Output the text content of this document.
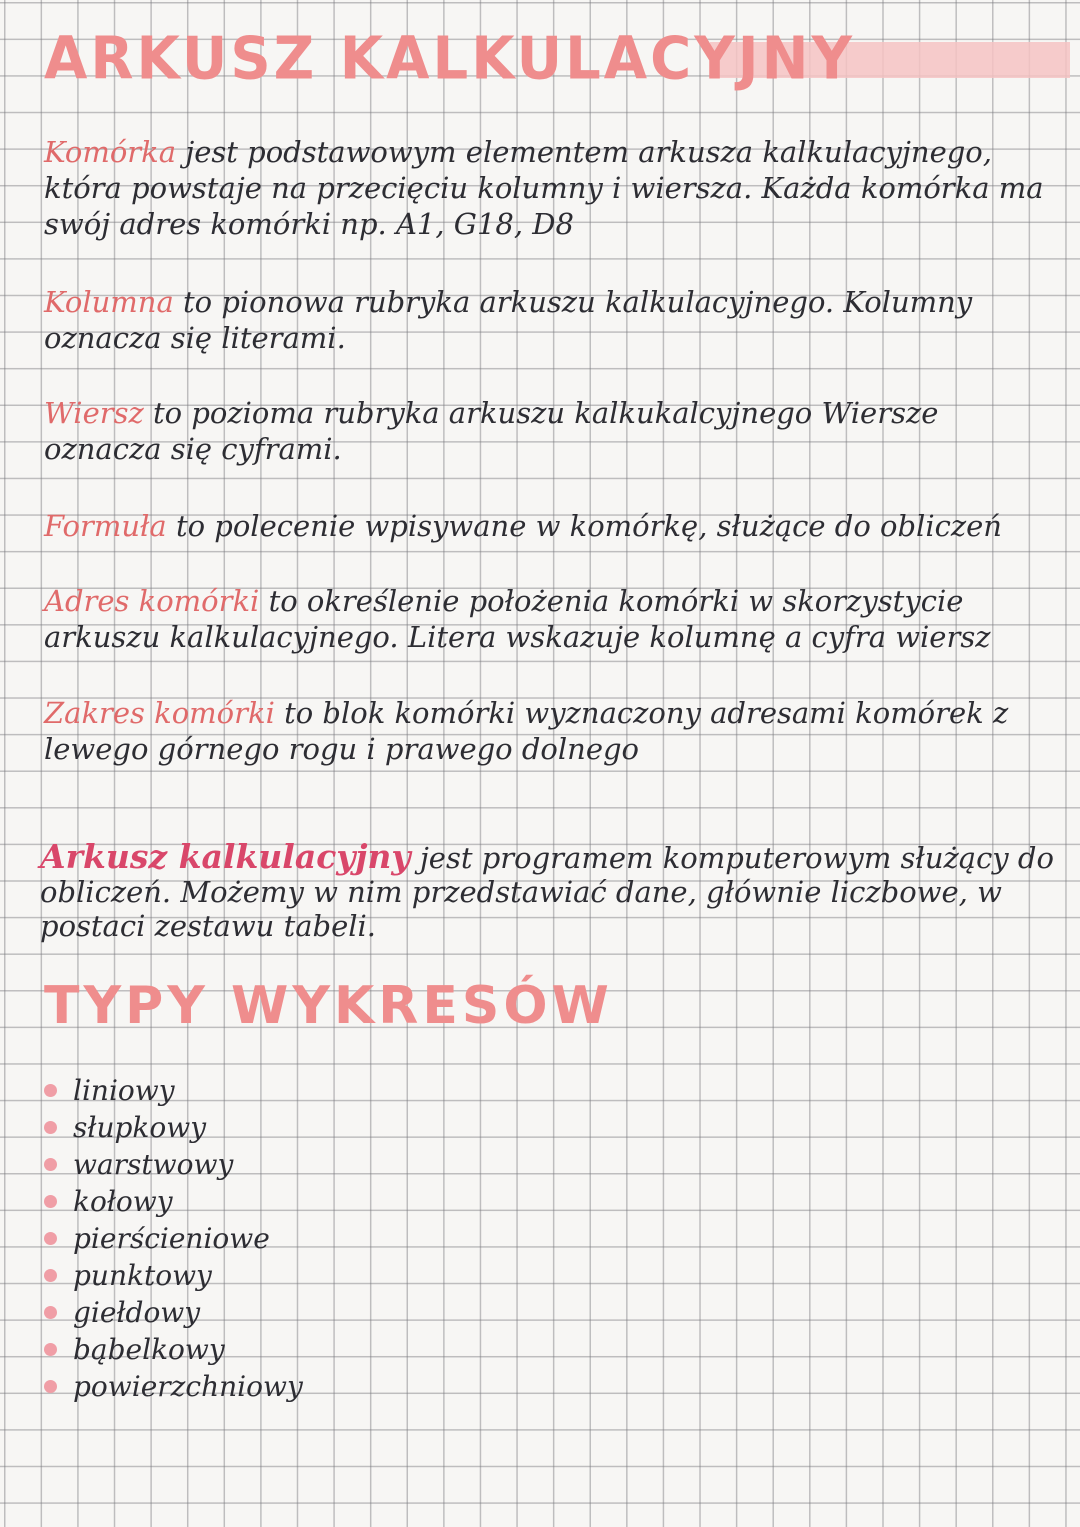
ARKUSZ KALKULACYJNY

Komórka jest podstawowym elementem arkusza kalkulacyjnego, która powstaje na przecięciu kolumny i wiersza. Każda komórka ma swój adres komórki np. A1, G18, D8

Kolumna to pionowa rubryka arkuszu kalkulacyjnego. Kolumny oznacza się literami.

Wiersz to pozioma rubryka arkuszu kalkukalcyjnego Wiersze oznacza się cyframi.

Formuła to polecenie wpisywane w komórkę, służące do obliczeń

Adres komórki to określenie położenia komórki w skorzystycie arkuszu kalkulacyjnego. Litera wskazuje kolumnę a cyfra wiersz

Zakres komórki to blok komórki wyznaczony adresami komórek z lewego górnego rogu i prawego dolnego

Arkusz kalkulacyjny jest programem komputerowym służący do obliczeń. Możemy w nim przedstawiać dane, głównie liczbowe, w postaci zestawu tabeli.

TYPY WYKRESÓW
liniowy
słupkowy
warstwowy
kołowy
pierścieniowe
punktowy
giełdowy
bąbelkowy
powierzchniowy
